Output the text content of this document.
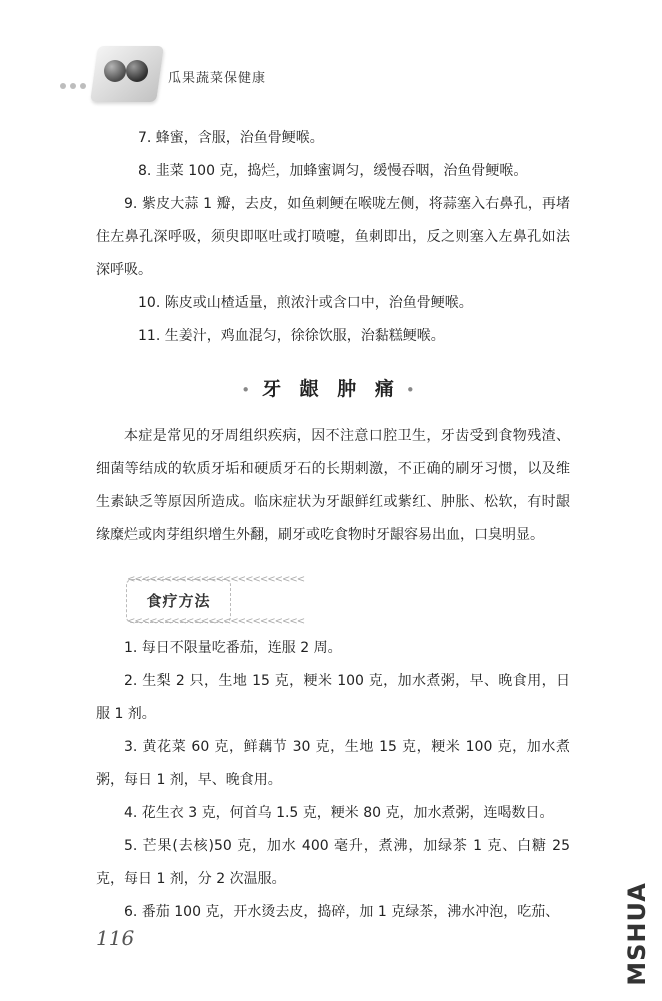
瓜果蔬菜保健康

7. 蜂蜜，含服，治鱼骨鲠喉。

8. 韭菜 100 克，捣烂，加蜂蜜调匀，缓慢吞咽，治鱼骨鲠喉。

9. 紫皮大蒜 1 瓣，去皮，如鱼刺鲠在喉咙左侧，将蒜塞入右鼻孔，再堵住左鼻孔深呼吸，须臾即呕吐或打喷嚏，鱼刺即出，反之则塞入左鼻孔如法深呼吸。

10. 陈皮或山楂适量，煎浓汁或含口中，治鱼骨鲠喉。

11. 生姜汁，鸡血混匀，徐徐饮服，治黏糕鲠喉。

• 牙 龈 肿 痛 •

本症是常见的牙周组织疾病，因不注意口腔卫生，牙齿受到食物残渣、细菌等结成的软质牙垢和硬质牙石的长期刺激，不正确的刷牙习惯，以及维生素缺乏等原因所造成。临床症状为牙龈鲜红或紫红、肿胀、松软，有时龈缘糜烂或肉芽组织增生外翻，刷牙或吃食物时牙龈容易出血，口臭明显。

<<<<<<<<<<<<<<<<<<<<<<<<
食疗方法
<<<<<<<<<<<<<<<<<<<<<<<<

1. 每日不限量吃番茄，连服 2 周。

2. 生梨 2 只，生地 15 克，粳米 100 克，加水煮粥，早、晚食用，日服 1 剂。

3. 黄花菜 60 克，鲜藕节 30 克，生地 15 克，粳米 100 克，加水煮粥，每日 1 剂，早、晚食用。

4. 花生衣 3 克，何首乌 1.5 克，粳米 80 克，加水煮粥，连喝数日。

5. 芒果(去核)50 克，加水 400 毫升，煮沸，加绿茶 1 克、白糖 25 克，每日 1 剂，分 2 次温服。

6. 番茄 100 克，开水烫去皮，捣碎，加 1 克绿茶，沸水冲泡，吃茄、

116	MSHUA
